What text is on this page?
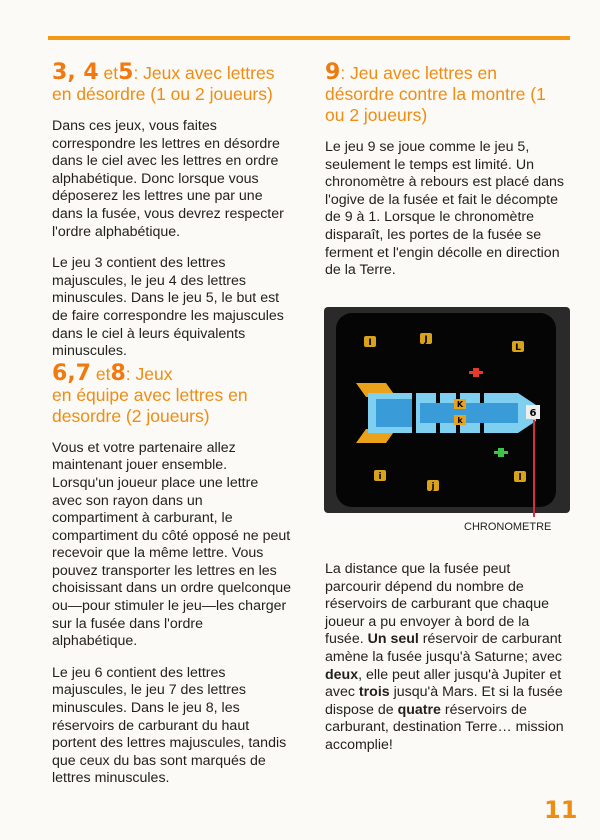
3, 4 et5: Jeux avec lettres en désordre (1 ou 2 joueurs)

Dans ces jeux, vous faites correspondre les lettres en désordre dans le ciel avec les lettres en ordre alphabétique. Donc lorsque vous déposerez les lettres une par une dans la fusée, vous devrez respecter l'ordre alphabétique.

Le jeu 3 contient des lettres majuscules, le jeu 4 des lettres minuscules. Dans le jeu 5, le but est de faire correspondre les majuscules dans le ciel à leurs équivalents minuscules.

6,7 et8: Jeux
en équipe avec lettres en desordre (2 joueurs)

Vous et votre partenaire allez maintenant jouer ensemble. Lorsqu'un joueur place une lettre avec son rayon dans un compartiment à carburant, le compartiment du côté opposé ne peut recevoir que la même lettre. Vous pouvez transporter les lettres en les choisissant dans un ordre quelconque ou—pour stimuler le jeu—les charger sur la fusée dans l'ordre alphabétique.

Le jeu 6 contient des lettres majuscules, le jeu 7 des lettres minuscules. Dans le jeu 8, les réservoirs de carburant du haut portent des lettres majuscules, tandis que ceux du bas sont marqués de lettres minuscules.

9: Jeu avec lettres en désordre contre la montre (1 ou 2 joueurs)

Le jeu 9 se joue comme le jeu 5, seulement le temps est limité. Un chronomètre à rebours est placé dans l'ogive de la fusée et fait le décompte de 9 à 1. Lorsque le chronomètre disparaît, les portes de la fusée se ferment et l'engin décolle en direction de la Terre.

I	J
L
K
k
6
i
j
l
CHRONOMETRE

La distance que la fusée peut parcourir dépend du nombre de réservoirs de carburant que chaque joueur a pu envoyer à bord de la fusée. Un seul réservoir de carburant amène la fusée jusqu'à Saturne; avec deux, elle peut aller jusqu'à Jupiter et avec trois jusqu'à Mars. Et si la fusée dispose de quatre réservoirs de carburant, destination Terre… mission accomplie!

11
